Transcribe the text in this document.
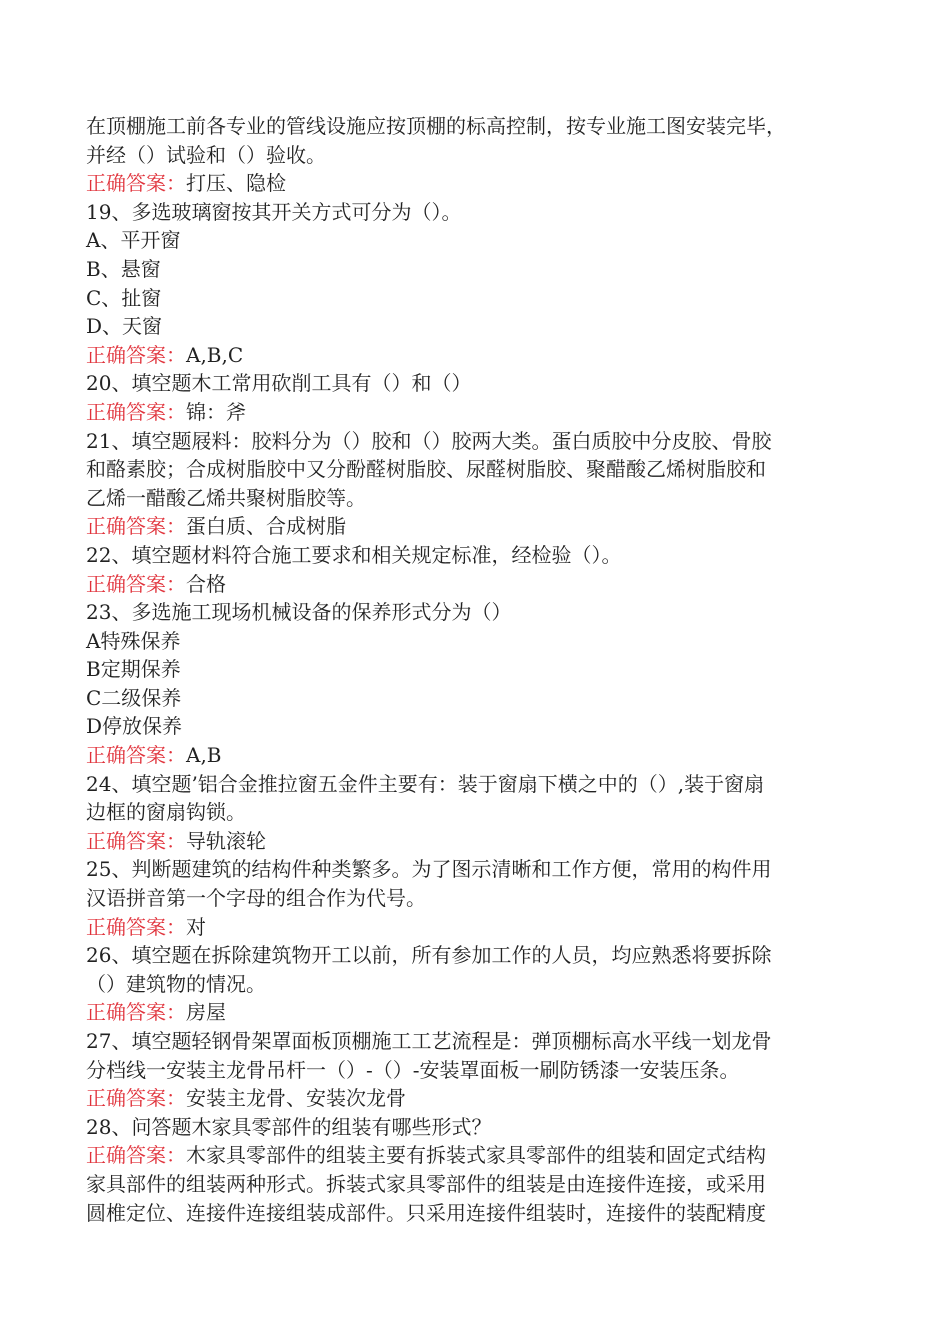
在顶棚施工前各专业的管线设施应按顶棚的标高控制，按专业施工图安装完毕，
并经（）试验和（）验收。
正确答案：打压、隐检
19、多选玻璃窗按其开关方式可分为（）。
A、平开窗
B、悬窗
C、扯窗
D、天窗
正确答案：A,B,C
20、填空题木工常用砍削工具有（）和（）
正确答案：锦：斧
21、填空题屐料：胶料分为（）胶和（）胶两大类。蛋白质胶中分皮胶、骨胶
和酪素胶；合成树脂胶中又分酚醛树脂胶、尿醛树脂胶、聚醋酸乙烯树脂胶和
乙烯一醋酸乙烯共聚树脂胶等。
正确答案：蛋白质、合成树脂
22、填空题材料符合施工要求和相关规定标准，经检验（）。
正确答案：合格
23、多选施工现场机械设备的保养形式分为（）
A特殊保养
B定期保养
C二级保养
D停放保养
正确答案：A,B
24、填空题’铝合金推拉窗五金件主要有：装于窗扇下横之中的（）,装于窗扇
边框的窗扇钩锁。
正确答案：导轨滚轮
25、判断题建筑的结构件种类繁多。为了图示清晰和工作方便，常用的构件用
汉语拼音第一个字母的组合作为代号。
正确答案：对
26、填空题在拆除建筑物开工以前，所有参加工作的人员，均应熟悉将要拆除
（）建筑物的情况。
正确答案：房屋
27、填空题轻钢骨架罩面板顶棚施工工艺流程是：弹顶棚标高水平线一划龙骨
分档线一安装主龙骨吊杆一（）-（）-安装罩面板一刷防锈漆一安装压条。
正确答案：安装主龙骨、安装次龙骨
28、问答题木家具零部件的组装有哪些形式？
正确答案：木家具零部件的组装主要有拆装式家具零部件的组装和固定式结构
家具部件的组装两种形式。拆装式家具零部件的组装是由连接件连接，或采用
圆椎定位、连接件连接组装成部件。只采用连接件组装时，连接件的装配精度
